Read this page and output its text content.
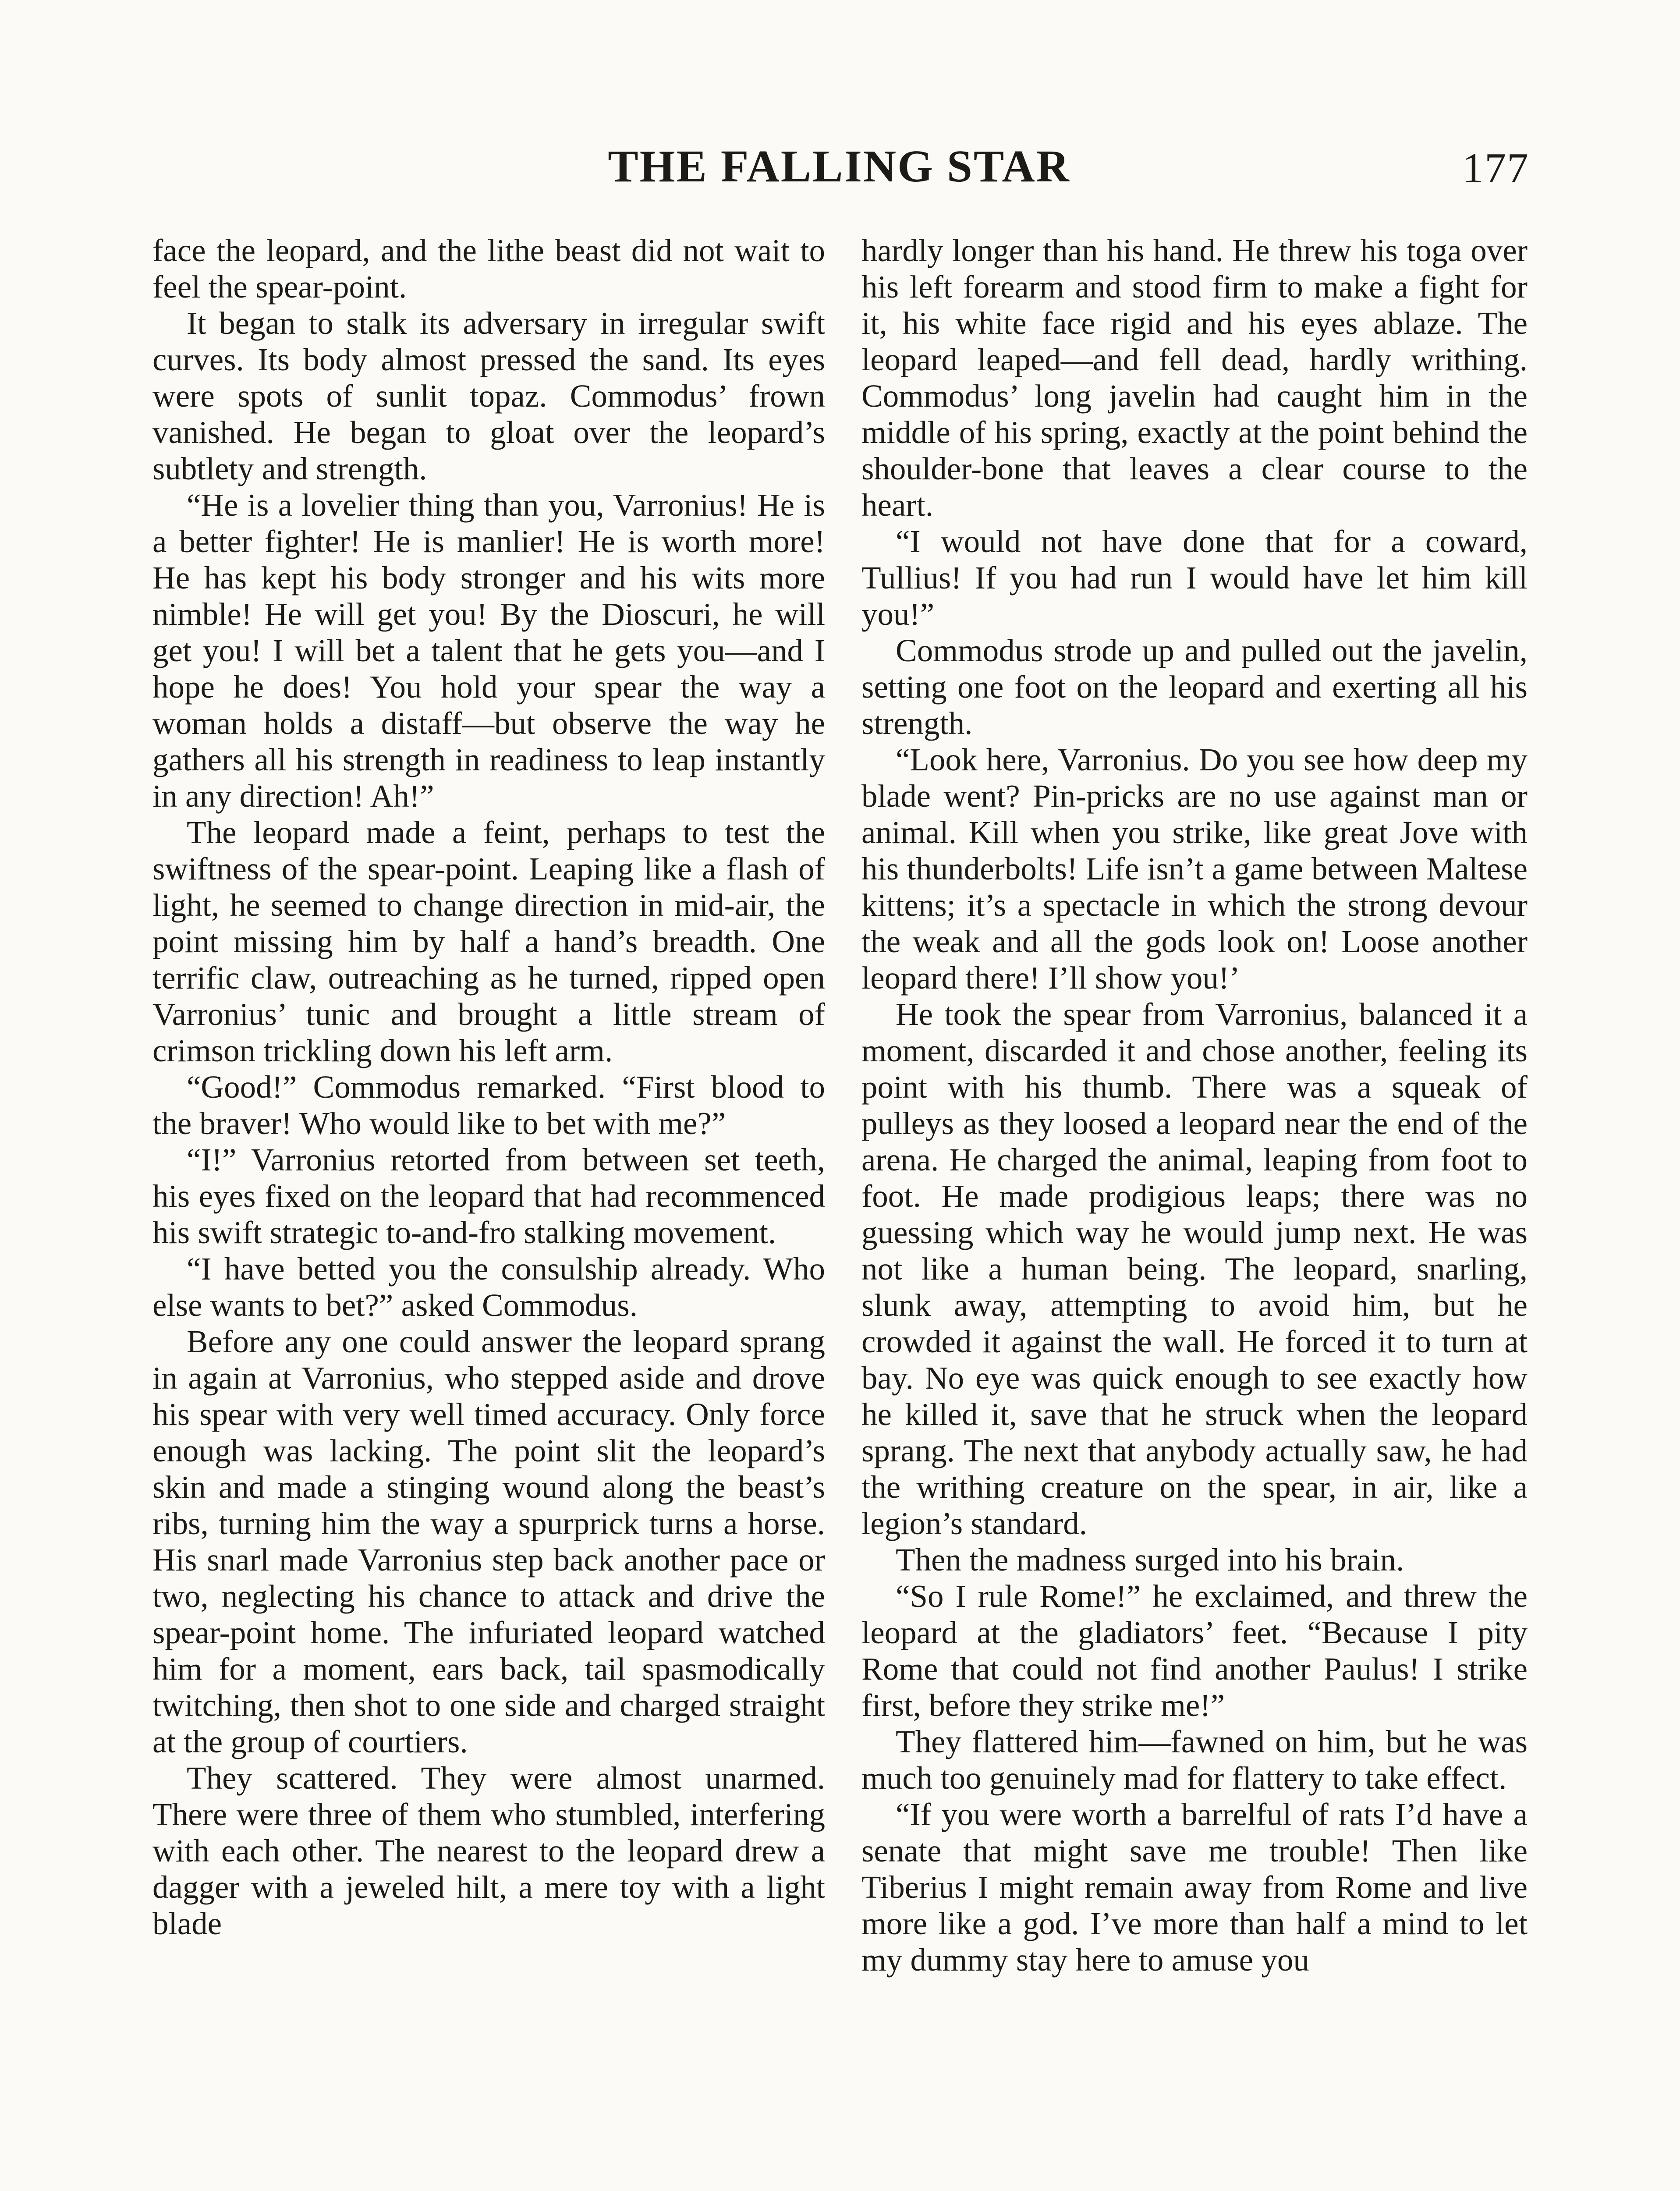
THE FALLING STAR	177

face the leopard, and the lithe beast did not wait to feel the spear-point.

It began to stalk its adversary in irregular swift curves. Its body almost pressed the sand. Its eyes were spots of sunlit topaz. Commodus’ frown vanished. He began to gloat over the leopard’s subtlety and strength.

“He is a lovelier thing than you, Varronius! He is a better fighter! He is manlier! He is worth more! He has kept his body stronger and his wits more nimble! He will get you! By the Dioscuri, he will get you! I will bet a talent that he gets you—and I hope he does! You hold your spear the way a woman holds a distaff—but observe the way he gathers all his strength in readiness to leap instantly in any direction! Ah!”

The leopard made a feint, perhaps to test the swiftness of the spear-point. Leaping like a flash of light, he seemed to change direction in mid-air, the point missing him by half a hand’s breadth. One terrific claw, outreaching as he turned, ripped open Varronius’ tunic and brought a little stream of crimson trickling down his left arm.

“Good!” Commodus remarked. “First blood to the braver! Who would like to bet with me?”

“I!” Varronius retorted from between set teeth, his eyes fixed on the leopard that had recommenced his swift strategic to-and-fro stalking movement.

“I have betted you the consulship already. Who else wants to bet?” asked Commodus.

Before any one could answer the leopard sprang in again at Varronius, who stepped aside and drove his spear with very well timed accuracy. Only force enough was lacking. The point slit the leopard’s skin and made a stinging wound along the beast’s ribs, turning him the way a spurprick turns a horse. His snarl made Varronius step back another pace or two, neglecting his chance to attack and drive the spear-point home. The infuriated leopard watched him for a moment, ears back, tail spasmodically twitching, then shot to one side and charged straight at the group of courtiers.

They scattered. They were almost unarmed. There were three of them who stumbled, interfering with each other. The nearest to the leopard drew a dagger with a jeweled hilt, a mere toy with a light blade

hardly longer than his hand. He threw his toga over his left forearm and stood firm to make a fight for it, his white face rigid and his eyes ablaze. The leopard leaped—and fell dead, hardly writhing. Commodus’ long javelin had caught him in the middle of his spring, exactly at the point behind the shoulder-bone that leaves a clear course to the heart.

“I would not have done that for a coward, Tullius! If you had run I would have let him kill you!”

Commodus strode up and pulled out the javelin, setting one foot on the leopard and exerting all his strength.

“Look here, Varronius. Do you see how deep my blade went? Pin-pricks are no use against man or animal. Kill when you strike, like great Jove with his thunderbolts! Life isn’t a game between Maltese kittens; it’s a spectacle in which the strong devour the weak and all the gods look on! Loose another leopard there! I’ll show you!’

He took the spear from Varronius, balanced it a moment, discarded it and chose another, feeling its point with his thumb. There was a squeak of pulleys as they loosed a leopard near the end of the arena. He charged the animal, leaping from foot to foot. He made prodigious leaps; there was no guessing which way he would jump next. He was not like a human being. The leopard, snarling, slunk away, attempting to avoid him, but he crowded it against the wall. He forced it to turn at bay. No eye was quick enough to see exactly how he killed it, save that he struck when the leopard sprang. The next that anybody actually saw, he had the writhing creature on the spear, in air, like a legion’s standard.

Then the madness surged into his brain.

“So I rule Rome!” he exclaimed, and threw the leopard at the gladiators’ feet. “Because I pity Rome that could not find another Paulus! I strike first, before they strike me!”

They flattered him—fawned on him, but he was much too genuinely mad for flattery to take effect.

“If you were worth a barrelful of rats I’d have a senate that might save me trouble! Then like Tiberius I might remain away from Rome and live more like a god. I’ve more than half a mind to let my dummy stay here to amuse you
